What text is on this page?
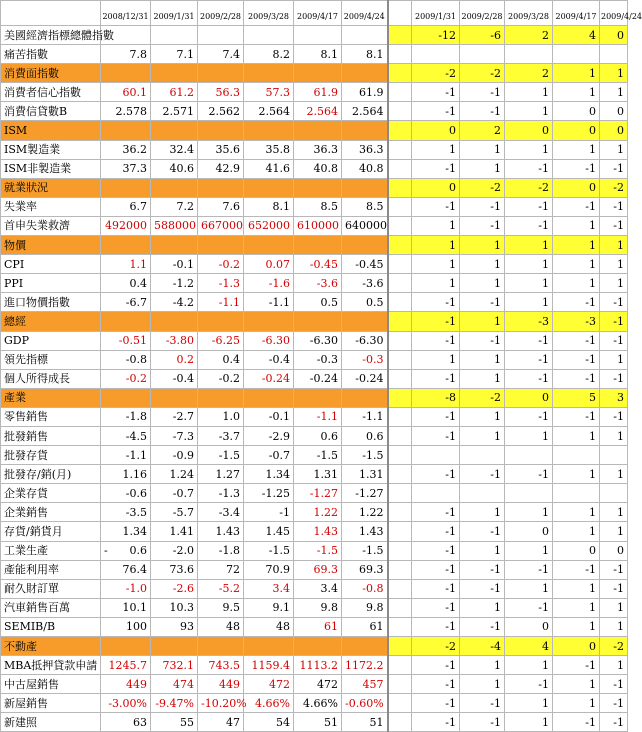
	2008/12/31	2009/1/31	2009/2/28	2009/3/28	2009/4/17	2009/4/24		2009/1/31	2009/2/28	2009/3/28	2009/4/17	2009/4/24
美國經濟指標總體指數								-12	-6	2	4	0
痛苦指數	7.8	7.1	7.4	8.2	8.1	8.1						
消費面指數								-2	-2	2	1	1
消費者信心指數	60.1	61.2	56.3	57.3	61.9	61.9		-1	-1	1	1	1
消費信貸數B	2.578	2.571	2.562	2.564	2.564	2.564		-1	-1	1	0	0
ISM								0	2	0	0	0
ISM製造業	36.2	32.4	35.6	35.8	36.3	36.3		1	1	1	1	1
ISM非製造業	37.3	40.6	42.9	41.6	40.8	40.8		-1	1	-1	-1	-1
就業狀況								0	-2	-2	0	-2
失業率	6.7	7.2	7.6	8.1	8.5	8.5		-1	-1	-1	-1	-1
首申失業救濟	492000	588000	667000	652000	610000	640000		1	-1	-1	1	-1
物價								1	1	1	1	1
CPI	1.1	-0.1	-0.2	0.07	-0.45	-0.45		1	1	1	1	1
PPI	0.4	-1.2	-1.3	-1.6	-3.6	-3.6		1	1	1	1	1
進口物價指數	-6.7	-4.2	-1.1	-1.1	0.5	0.5		-1	-1	1	-1	-1
總經								-1	1	-3	-3	-1
GDP	-0.51	-3.80	-6.25	-6.30	-6.30	-6.30		-1	-1	-1	-1	-1
領先指標	-0.8	0.2	0.4	-0.4	-0.3	-0.3		1	1	-1	-1	1
個人所得成長	-0.2	-0.4	-0.2	-0.24	-0.24	-0.24		-1	1	-1	-1	-1
產業								-8	-2	0	5	3
零售銷售	-1.8	-2.7	1.0	-0.1	-1.1	-1.1		-1	1	-1	-1	-1
批發銷售	-4.5	-7.3	-3.7	-2.9	0.6	0.6		-1	1	1	1	1
批發存貨	-1.1	-0.9	-1.5	-0.7	-1.5	-1.5						
批發存/銷(月)	1.16	1.24	1.27	1.34	1.31	1.31		-1	-1	-1	1	1
企業存貨	-0.6	-0.7	-1.3	-1.25	-1.27	-1.27						
企業銷售	-3.5	-5.7	-3.4	-1	1.22	1.22		-1	1	1	1	1
存貨/銷貨月	1.34	1.41	1.43	1.45	1.43	1.43		-1	-1	0	1	1
工業生產	- 0.6	-2.0	-1.8	-1.5	-1.5	-1.5		-1	1	1	0	0
產能利用率	76.4	73.6	72	70.9	69.3	69.3		-1	-1	-1	-1	-1
耐久財訂單	-1.0	-2.6	-5.2	3.4	3.4	-0.8		-1	-1	1	1	-1
汽車銷售百萬	10.1	10.3	9.5	9.1	9.8	9.8		-1	1	-1	1	1
SEMIB/B	100	93	48	48	61	61		-1	-1	0	1	1
不動產								-2	-4	4	0	-2
MBA抵押貸款申請	1245.7	732.1	743.5	1159.4	1113.2	1172.2		-1	1	1	-1	1
中古屋銷售	449	474	449	472	472	457		-1	1	-1	1	-1
新屋銷售	-3.00%	-9.47%	-10.20%	4.66%	4.66%	-0.60%		-1	-1	1	1	-1
新建照	63	55	47	54	51	51		-1	-1	1	-1	-1
